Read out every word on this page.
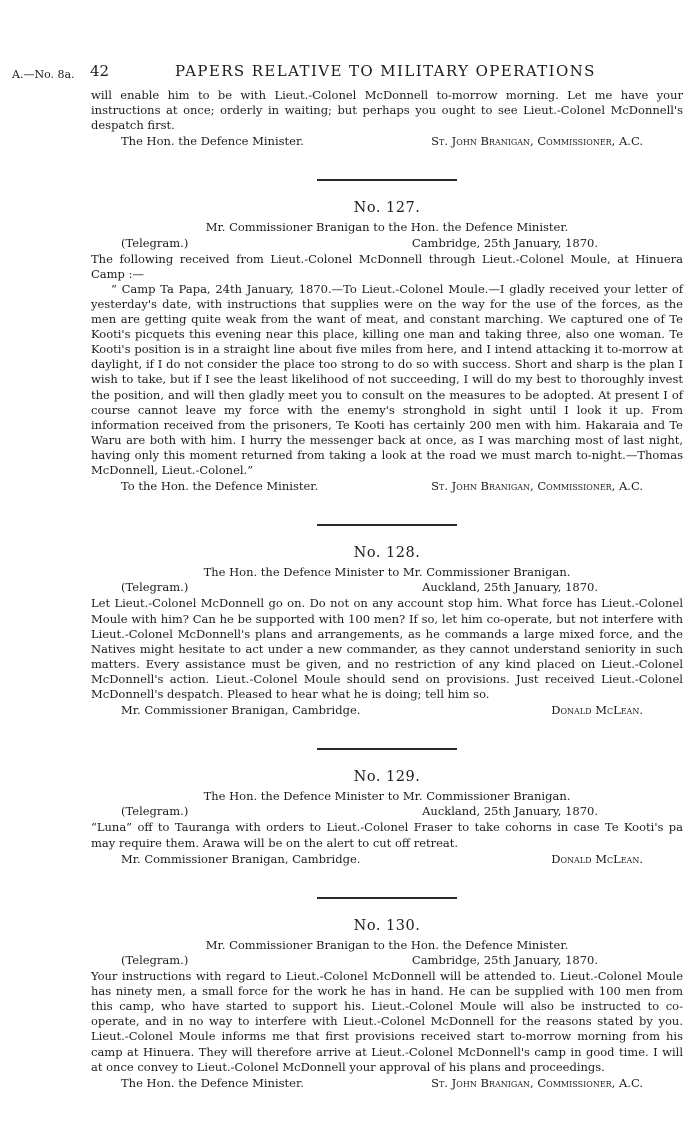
A.—No. 8a. 42	PAPERS RELATIVE TO MILITARY OPERATIONS

will enable him to be with Lieut.-Colonel McDonnell to-morrow morning. Let me have your instructions at once; orderly in waiting; but perhaps you ought to see Lieut.-Colonel McDonnell's despatch first.

The Hon. the Defence Minister.	St. John Branigan, Commissioner, A.C.
No. 127.
Mr. Commissioner Branigan to the Hon. the Defence Minister.
(Telegram.)	Cambridge, 25th January, 1870.

The following received from Lieut.-Colonel McDonnell through Lieut.-Colonel Moule, at Hinuera Camp :—

“ Camp Ta Papa, 24th January, 1870.—To Lieut.-Colonel Moule.—I gladly received your letter of yesterday's date, with instructions that supplies were on the way for the use of the forces, as the men are getting quite weak from the want of meat, and constant marching. We captured one of Te Kooti's picquets this evening near this place, killing one man and taking three, also one woman. Te Kooti's position is in a straight line about five miles from here, and I intend attacking it to-morrow at daylight, if I do not consider the place too strong to do so with success. Short and sharp is the plan I wish to take, but if I see the least likelihood of not succeeding, I will do my best to thoroughly invest the position, and will then gladly meet you to consult on the measures to be adopted. At present I of course cannot leave my force with the enemy's stronghold in sight until I look it up. From information received from the prisoners, Te Kooti has certainly 200 men with him. Hakaraia and Te Waru are both with him. I hurry the messenger back at once, as I was marching most of last night, having only this moment returned from taking a look at the road we must march to-night.—Thomas McDonnell, Lieut.-Colonel.”

To the Hon. the Defence Minister.	St. John Branigan, Commissioner, A.C.
No. 128.
The Hon. the Defence Minister to Mr. Commissioner Branigan.
(Telegram.)	Auckland, 25th January, 1870.

Let Lieut.-Colonel McDonnell go on. Do not on any account stop him. What force has Lieut.-Colonel Moule with him? Can he be supported with 100 men? If so, let him co-operate, but not interfere with Lieut.-Colonel McDonnell's plans and arrangements, as he commands a large mixed force, and the Natives might hesitate to act under a new commander, as they cannot understand seniority in such matters. Every assistance must be given, and no restriction of any kind placed on Lieut.-Colonel McDonnell's action. Lieut.-Colonel Moule should send on provisions. Just received Lieut.-Colonel McDonnell's despatch. Pleased to hear what he is doing; tell him so.

Mr. Commissioner Branigan, Cambridge.	Donald McLean.
No. 129.
The Hon. the Defence Minister to Mr. Commissioner Branigan.
(Telegram.)	Auckland, 25th January, 1870.

“Luna” off to Tauranga with orders to Lieut.-Colonel Fraser to take cohorns in case Te Kooti's pa may require them. Arawa will be on the alert to cut off retreat.

Mr. Commissioner Branigan, Cambridge.	Donald McLean.
No. 130.
Mr. Commissioner Branigan to the Hon. the Defence Minister.
(Telegram.)	Cambridge, 25th January, 1870.

Your instructions with regard to Lieut.-Colonel McDonnell will be attended to. Lieut.-Colonel Moule has ninety men, a small force for the work he has in hand. He can be supplied with 100 men from this camp, who have started to support his. Lieut.-Colonel Moule will also be instructed to co-operate, and in no way to interfere with Lieut.-Colonel McDonnell for the reasons stated by you. Lieut.-Colonel Moule informs me that first provisions received start to-morrow morning from his camp at Hinuera. They will therefore arrive at Lieut.-Colonel McDonnell's camp in good time. I will at once convey to Lieut.-Colonel McDonnell your approval of his plans and proceedings.

The Hon. the Defence Minister.	St. John Branigan, Commissioner, A.C.
